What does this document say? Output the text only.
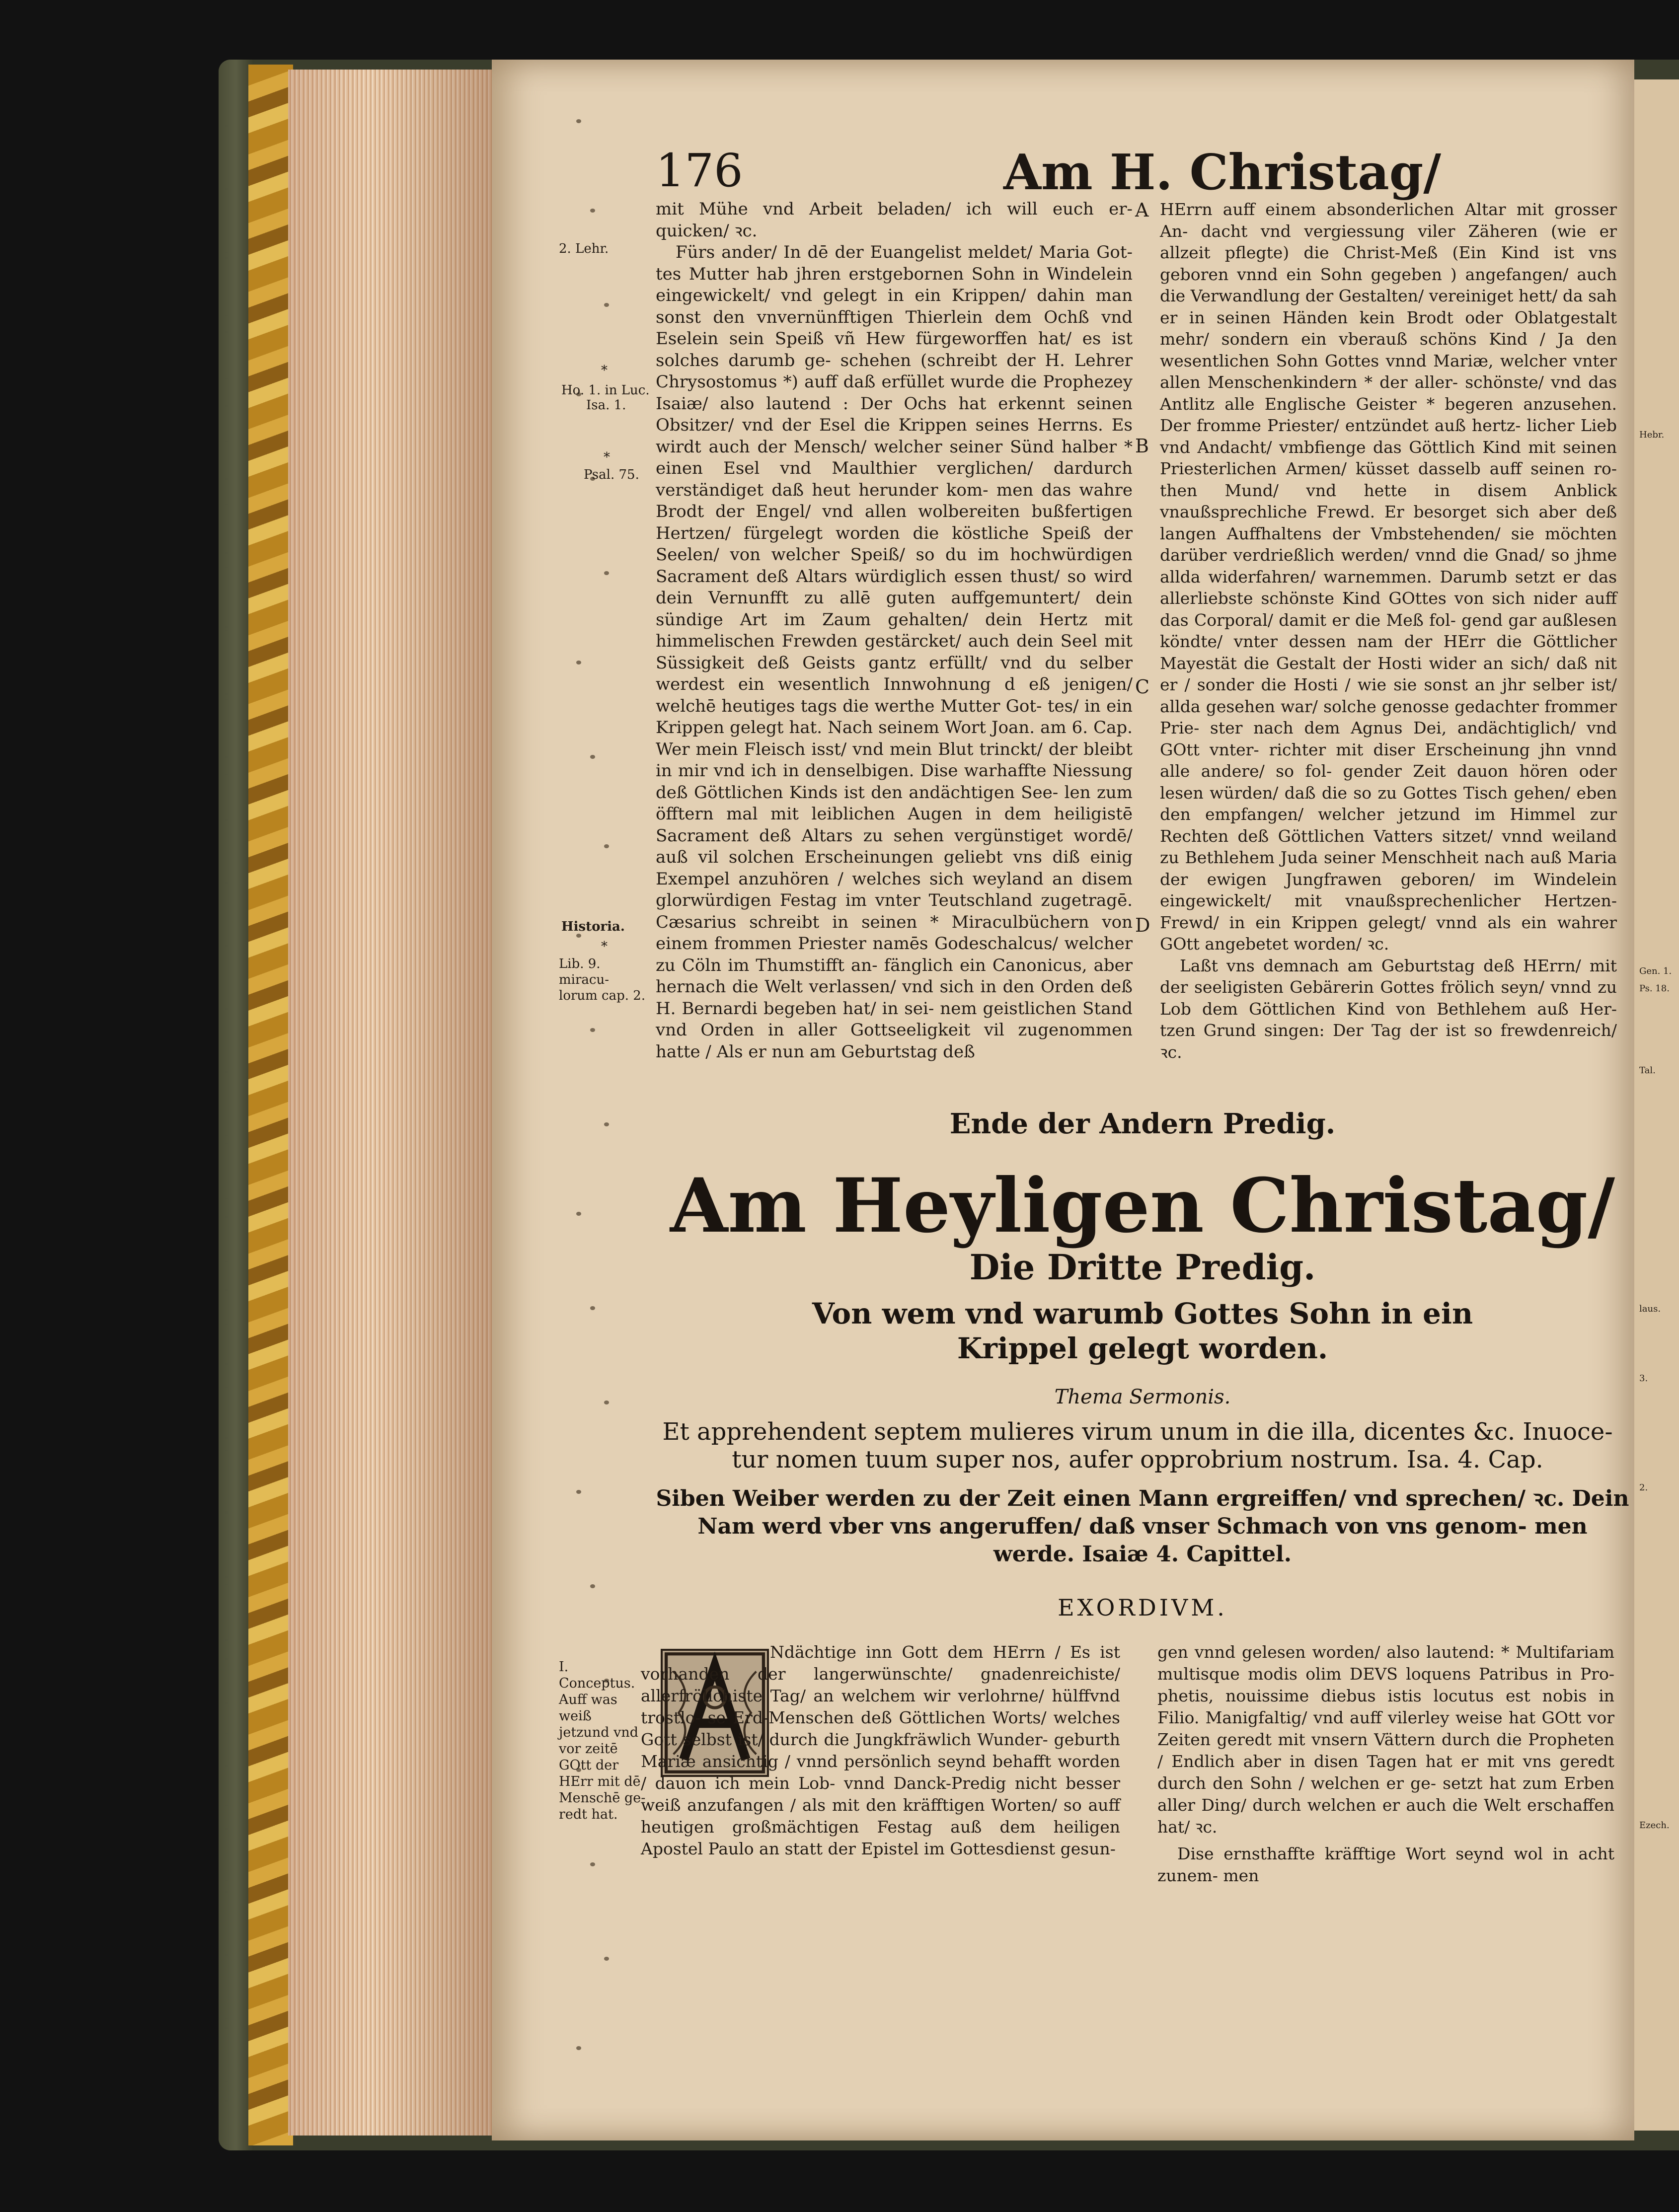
176	Am H. Christag/

mit Mühe vnd Arbeit beladen/ ich will euch er- quicken/ ꝛc.

Fürs ander/ In dē der Euangelist meldet/ Maria Got- tes Mutter hab jhren erstgebornen Sohn in Windelein eingewickelt/ vnd gelegt in ein Krippen/ dahin man sonst den vnvernünfftigen Thierlein dem Ochß vnd Eselein sein Speiß vñ Hew fürgeworffen hat/ es ist solches darumb ge- schehen (schreibt der H. Lehrer Chrysostomus *) auff daß erfüllet wurde die Prophezey Isaiæ/ also lautend : Der Ochs hat erkennt seinen Obsitzer/ vnd der Esel die Krippen seines Herrns. Es wirdt auch der Mensch/ welcher seiner Sünd halber * einen Esel vnd Maulthier verglichen/ dardurch verständiget daß heut herunder kom- men das wahre Brodt der Engel/ vnd allen wolbereiten bußfertigen Hertzen/ fürgelegt worden die köstliche Speiß der Seelen/ von welcher Speiß/ so du im hochwürdigen Sacrament deß Altars würdiglich essen thust/ so wird dein Vernunfft zu allē guten auffgemuntert/ dein sündige Art im Zaum gehalten/ dein Hertz mit himmelischen Frewden gestärcket/ auch dein Seel mit Süssigkeit deß Geists gantz erfüllt/ vnd du selber werdest ein wesentlich Innwohnung d eß jenigen/ welchē heutiges tags die werthe Mutter Got- tes/ in ein Krippen gelegt hat. Nach seinem Wort Joan. am 6. Cap. Wer mein Fleisch isst/ vnd mein Blut trinckt/ der bleibt in mir vnd ich in denselbigen. Dise warhaffte Niessung deß Göttlichen Kinds ist den andächtigen See- len zum öfftern mal mit leiblichen Augen in dem heiligistē Sacrament deß Altars zu sehen vergünstiget wordē/ auß vil solchen Erscheinungen geliebt vns diß einig Exempel anzuhören / welches sich weyland an disem glorwürdigen Festag im vnter Teutschland zugetragē. Cæsarius schreibt in seinen * Miraculbüchern von einem frommen Priester namēs Godeschalcus/ welcher zu Cöln im Thumstifft an- fänglich ein Canonicus, aber hernach die Welt verlassen/ vnd sich in den Orden deß H. Bernardi begeben hat/ in sei- nem geistlichen Stand vnd Orden in aller Gottseeligkeit vil zugenommen hatte / Als er nun am Geburtstag deß

HErrn auff einem absonderlichen Altar mit grosser An- dacht vnd vergiessung viler Zäheren (wie er allzeit pflegte) die Christ-Meß (Ein Kind ist vns geboren vnnd ein Sohn gegeben ) angefangen/ auch die Verwandlung der Gestalten/ vereiniget hett/ da sah er in seinen Händen kein Brodt oder Oblatgestalt mehr/ sondern ein vberauß schöns Kind / Ja den wesentlichen Sohn Gottes vnnd Mariæ, welcher vnter allen Menschenkindern * der aller- schönste/ vnd das Antlitz alle Englische Geister * begeren anzusehen. Der fromme Priester/ entzündet auß hertz- licher Lieb vnd Andacht/ vmbfienge das Göttlich Kind mit seinen Priesterlichen Armen/ küsset dasselb auff seinen ro- then Mund/ vnd hette in disem Anblick vnaußsprechliche Frewd. Er besorget sich aber deß langen Auffhaltens der Vmbstehenden/ sie möchten darüber verdrießlich werden/ vnnd die Gnad/ so jhme allda widerfahren/ warnemmen. Darumb setzt er das allerliebste schönste Kind GOttes von sich nider auff das Corporal/ damit er die Meß fol- gend gar außlesen köndte/ vnter dessen nam der HErr die Göttlicher Mayestät die Gestalt der Hosti wider an sich/ daß nit er / sonder die Hosti / wie sie sonst an jhr selber ist/ allda gesehen war/ solche genosse gedachter frommer Prie- ster nach dem Agnus Dei, andächtiglich/ vnd GOtt vnter- richter mit diser Erscheinung jhn vnnd alle andere/ so fol- gender Zeit dauon hören oder lesen würden/ daß die so zu Gottes Tisch gehen/ eben den empfangen/ welcher jetzund im Himmel zur Rechten deß Göttlichen Vatters sitzet/ vnnd weiland zu Bethlehem Juda seiner Menschheit nach auß Maria der ewigen Jungfrawen geboren/ im Windelein eingewickelt/ mit vnaußsprechenlicher Hertzen- Frewd/ in ein Krippen gelegt/ vnnd als ein wahrer GOtt angebetet worden/ ꝛc.

Laßt vns demnach am Geburtstag deß HErrn/ mit der seeligisten Gebärerin Gottes frölich seyn/ vnnd zu Lob dem Göttlichen Kind von Bethlehem auß Her- tzen Grund singen: Der Tag der ist so frewdenreich/ ꝛc.

2. Lehr.
*
Ho. 1. in Luc.
Isa. 1.
*
Psal. 75.
Historia.
*
Lib. 9. miracu- lorum cap. 2.
A
B
C
D
Ende der Andern Predig.
Am Heyligen Christag/
Die Dritte Predig.
Von wem vnd warumb Gottes Sohn in ein Krippel gelegt worden.
Thema Sermonis.
Et apprehendent septem mulieres virum unum in die illa, dicentes &c. Inuoce- tur nomen tuum super nos, aufer opprobrium nostrum. Isa. 4. Cap.
Siben Weiber werden zu der Zeit einen Mann ergreiffen/ vnd sprechen/ ꝛc. Dein Nam werd vber vns angeruffen/ daß vnser Schmach von vns genom- men werde. Isaiæ 4. Capittel.
EXORDIVM.
Ndächtige inn Gott dem HErrn / Es ist vorhanden der langerwünschte/ gnadenreichiste/ allerfrölichiste Tag/ an welchem wir verlohrne/ hülffvnd trostlo- se Erd-Menschen deß Göttlichen Worts/ welches Gott selbst ist/ durch die Jungkfräwlich Wunder- geburth Mariæ ansichtig / vnnd persönlich seynd behafft worden / dauon ich mein Lob- vnnd Danck-Predig nicht besser weiß anzufangen / als mit den kräfftigen Worten/ so auff heutigen großmächtigen Festag auß dem heiligen Apostel Paulo an statt der Epistel im Gottesdienst gesun-

gen vnnd gelesen worden/ also lautend: * Multifariam multisque modis olim DEVS loquens Patribus in Pro- phetis, nouissime diebus istis locutus est nobis in Filio. Manigfaltig/ vnd auff vilerley weise hat GOtt vor Zeiten geredt mit vnsern Vättern durch die Propheten / Endlich aber in disen Tagen hat er mit vns geredt durch den Sohn / welchen er ge- setzt hat zum Erben aller Ding/ durch welchen er auch die Welt erschaffen hat/ ꝛc.

Dise ernsthaffte kräfftige Wort seynd wol in acht zunem- men

I. Conceptus. Auff was weiß jetzund vnd vor zeitē GOtt der HErr mit dē Menschē ge- redt hat.
Hebr.
Gen. 1.
Ps. 18.
Tal.
laus.
3.
2.
Ezech.
